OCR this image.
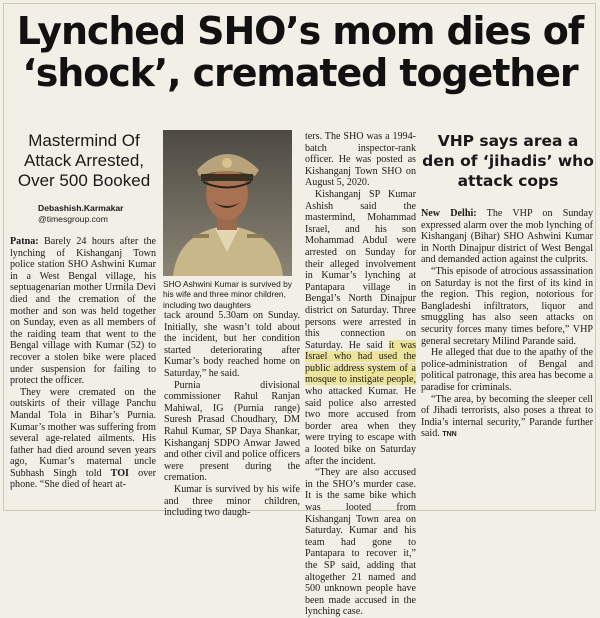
Lynched SHO’s mom dies of
‘shock’, cremated together
Mastermind Of Attack Arrested, Over 500 Booked
Debashish.Karmakar
@timesgroup.com

Patna: Barely 24 hours after the lynching of Kishanganj Town police station SHO Ashwini Kumar in a West Bengal village, his septuagenarian mother Urmila Devi died and the cremation of the mother and son was held together on Sunday, even as all members of the raiding team that went to the Bengal village with Kumar (52) to recover a stolen bike were placed under suspension for failing to protect the officer.

They were cremated on the outskirts of their village Panchu Mandal Tola in Bihar’s Purnia. Kumar’s mother was suffering from several age-related ailments. His father had died around seven years ago, Kumar’s maternal uncle Subhash Singh told TOI over phone. “She died of heart at-

SHO Ashwini Kumar is survived by his wife and three minor children, including two daughters

tack around 5.30am on Sunday. Initially, she wasn’t told about the incident, but her condition started deteriorating after Kumar’s body reached home on Saturday,” he said.

Purnia divisional commissioner Rahul Ranjan Mahiwal, IG (Purnia range) Suresh Prasad Choudhary, DM Rahul Kumar, SP Daya Shankar, Kishanganj SDPO Anwar Jawed and other civil and police officers were present during the cremation.

Kumar is survived by his wife and three minor children, including two daugh-

ters. The SHO was a 1994-batch inspector-rank officer. He was posted as Kishanganj Town SHO on August 5, 2020.

Kishanganj SP Kumar Ashish said the mastermind, Mohammad Israel, and his son Mohammad Abdul were arrested on Sunday for their alleged involvement in Kumar’s lynching at Pantapara village in Bengal’s North Dinajpur district on Saturday. Three persons were arrested in this connection on Saturday. He said it was Israel who had used the public address system of a mosque to instigate people, who attacked Kumar. He said police also arrested two more accused from border area when they were trying to escape with a looted bike on Saturday after the incident.

“They are also accused in the SHO’s murder case. It is the same bike which was looted from Kishanganj Town area on Saturday. Kumar and his team had gone to Pantapara to recover it,” the SP said, adding that altogether 21 named and 500 unknown people have been made accused in the lynching case.

VHP says area a den of ‘jihadis’ who attack cops

New Delhi: The VHP on Sunday expressed alarm over the mob lynching of Kishanganj (Bihar) SHO Ashwini Kumar in North Dinajpur district of West Bengal and demanded action against the culprits.

“This episode of atrocious assassination on Saturday is not the first of its kind in the region. This region, notorious for Bangladeshi infiltrators, liquor and smuggling has also seen attacks on security forces many times before,” VHP general secretary Milind Parande said.

He alleged that due to the apathy of the police-administration of Bengal and political patronage, this area has become a paradise for criminals.

“The area, by becoming the sleeper cell of Jihadi terrorists, also poses a threat to India’s internal security,” Parande further said. TNN
